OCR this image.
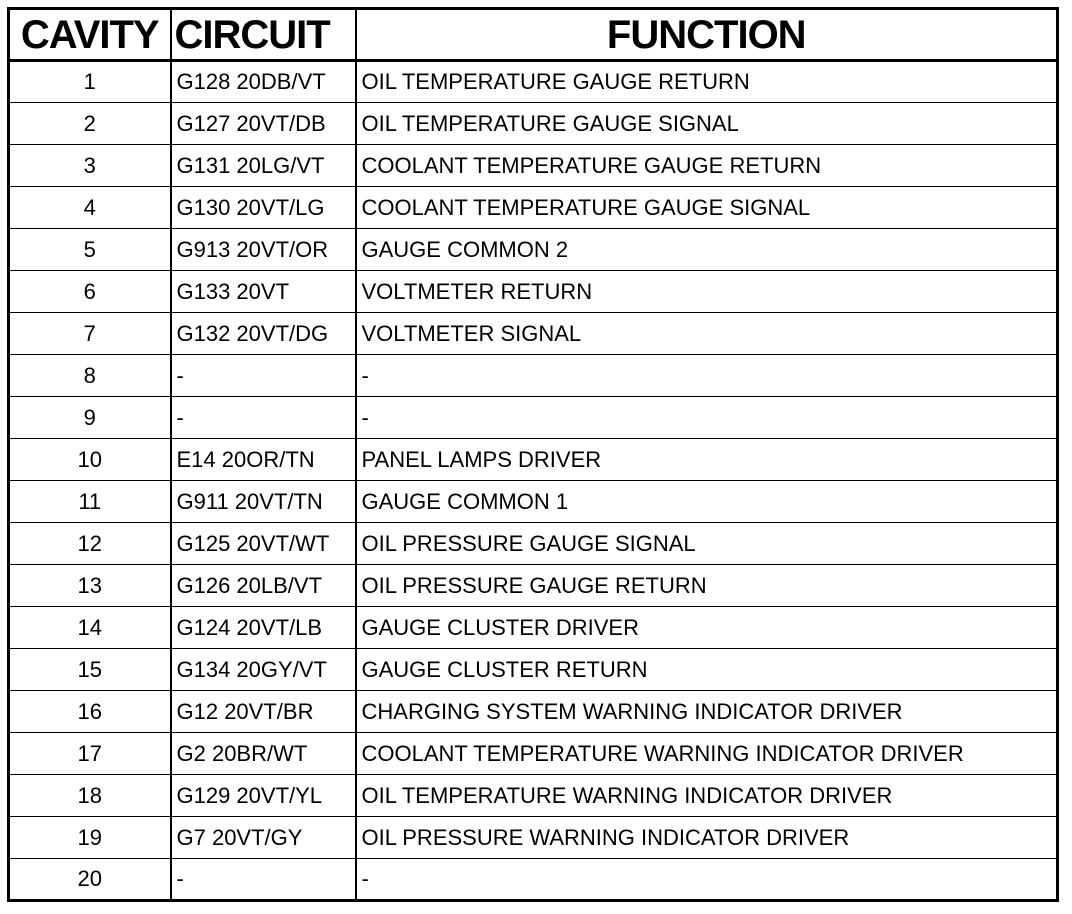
CAVITY	CIRCUIT	FUNCTION
1	G128 20DB/VT	OIL TEMPERATURE GAUGE RETURN
2	G127 20VT/DB	OIL TEMPERATURE GAUGE SIGNAL
3	G131 20LG/VT	COOLANT TEMPERATURE GAUGE RETURN
4	G130 20VT/LG	COOLANT TEMPERATURE GAUGE SIGNAL
5	G913 20VT/OR	GAUGE COMMON 2
6	G133 20VT	VOLTMETER RETURN
7	G132 20VT/DG	VOLTMETER SIGNAL
8	-	-
9	-	-
10	E14 20OR/TN	PANEL LAMPS DRIVER
11	G911 20VT/TN	GAUGE COMMON 1
12	G125 20VT/WT	OIL PRESSURE GAUGE SIGNAL
13	G126 20LB/VT	OIL PRESSURE GAUGE RETURN
14	G124 20VT/LB	GAUGE CLUSTER DRIVER
15	G134 20GY/VT	GAUGE CLUSTER RETURN
16	G12 20VT/BR	CHARGING SYSTEM WARNING INDICATOR DRIVER
17	G2 20BR/WT	COOLANT TEMPERATURE WARNING INDICATOR DRIVER
18	G129 20VT/YL	OIL TEMPERATURE WARNING INDICATOR DRIVER
19	G7 20VT/GY	OIL PRESSURE WARNING INDICATOR DRIVER
20	-	-
